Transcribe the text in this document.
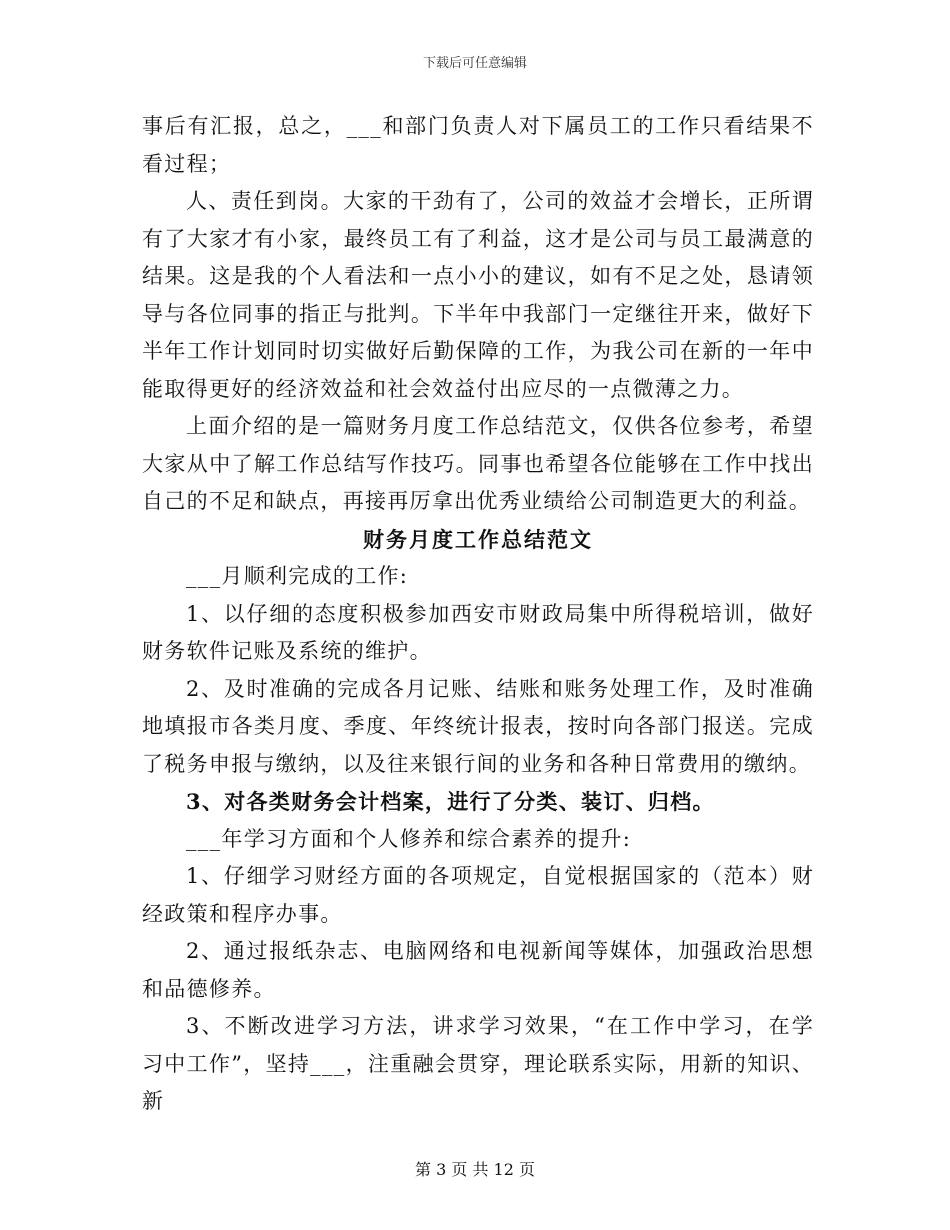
下载后可任意编辑

事后有汇报，总之，___和部门负责人对下属员工的工作只看结果不看过程；

人、责任到岗。大家的干劲有了，公司的效益才会增长，正所谓有了大家才有小家，最终员工有了利益，这才是公司与员工最满意的结果。这是我的个人看法和一点小小的建议，如有不足之处，恳请领导与各位同事的指正与批判。下半年中我部门一定继往开来，做好下半年工作计划同时切实做好后勤保障的工作，为我公司在新的一年中能取得更好的经济效益和社会效益付出应尽的一点微薄之力。

上面介绍的是一篇财务月度工作总结范文，仅供各位参考，希望大家从中了解工作总结写作技巧。同事也希望各位能够在工作中找出自己的不足和缺点，再接再厉拿出优秀业绩给公司制造更大的利益。

财务月度工作总结范文

___月顺利完成的工作:

1、以仔细的态度积极参加西安市财政局集中所得税培训，做好财务软件记账及系统的维护。

2、及时准确的完成各月记账、结账和账务处理工作，及时准确地填报市各类月度、季度、年终统计报表，按时向各部门报送。完成了税务申报与缴纳，以及往来银行间的业务和各种日常费用的缴纳。

3、对各类财务会计档案，进行了分类、装订、归档。

___年学习方面和个人修养和综合素养的提升:

1、仔细学习财经方面的各项规定，自觉根据国家的（范本）财经政策和程序办事。

2、通过报纸杂志、电脑网络和电视新闻等媒体，加强政治思想和品德修养。

3、不断改进学习方法，讲求学习效果，“在工作中学习，在学习中工作”，坚持___，注重融会贯穿，理论联系实际，用新的知识、新

第 3 页 共 12 页
